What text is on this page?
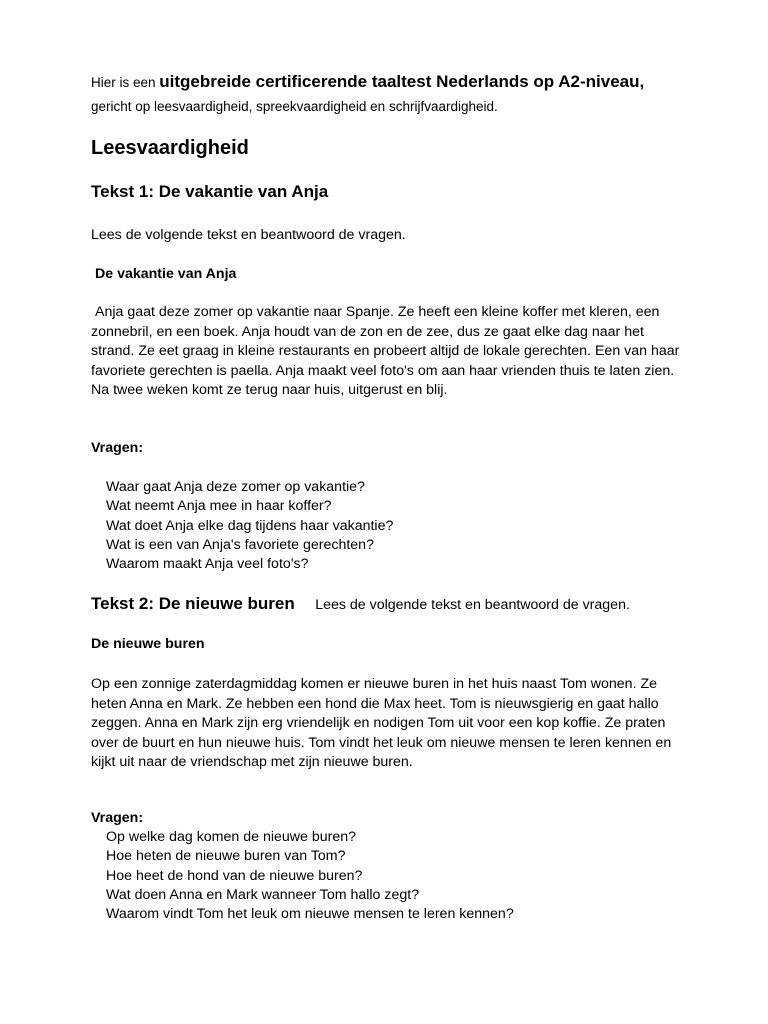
Hier is een uitgebreide certificerende taaltest Nederlands op A2-niveau, gericht op leesvaardigheid, spreekvaardigheid en schrijfvaardigheid.
Leesvaardigheid
Tekst 1: De vakantie van Anja
Lees de volgende tekst en beantwoord de vragen.
De vakantie van Anja
Anja gaat deze zomer op vakantie naar Spanje. Ze heeft een kleine koffer met kleren, een zonnebril, en een boek. Anja houdt van de zon en de zee, dus ze gaat elke dag naar het strand. Ze eet graag in kleine restaurants en probeert altijd de lokale gerechten. Een van haar favoriete gerechten is paella. Anja maakt veel foto's om aan haar vrienden thuis te laten zien. Na twee weken komt ze terug naar huis, uitgerust en blij.
Vragen:
Waar gaat Anja deze zomer op vakantie?
Wat neemt Anja mee in haar koffer?
Wat doet Anja elke dag tijdens haar vakantie?
Wat is een van Anja's favoriete gerechten?
Waarom maakt Anja veel foto's?
Tekst 2: De nieuwe buren Lees de volgende tekst en beantwoord de vragen.
De nieuwe buren
Op een zonnige zaterdagmiddag komen er nieuwe buren in het huis naast Tom wonen. Ze heten Anna en Mark. Ze hebben een hond die Max heet. Tom is nieuwsgierig en gaat hallo zeggen. Anna en Mark zijn erg vriendelijk en nodigen Tom uit voor een kop koffie. Ze praten over de buurt en hun nieuwe huis. Tom vindt het leuk om nieuwe mensen te leren kennen en kijkt uit naar de vriendschap met zijn nieuwe buren.
Vragen:
Op welke dag komen de nieuwe buren?
Hoe heten de nieuwe buren van Tom?
Hoe heet de hond van de nieuwe buren?
Wat doen Anna en Mark wanneer Tom hallo zegt?
Waarom vindt Tom het leuk om nieuwe mensen te leren kennen?
